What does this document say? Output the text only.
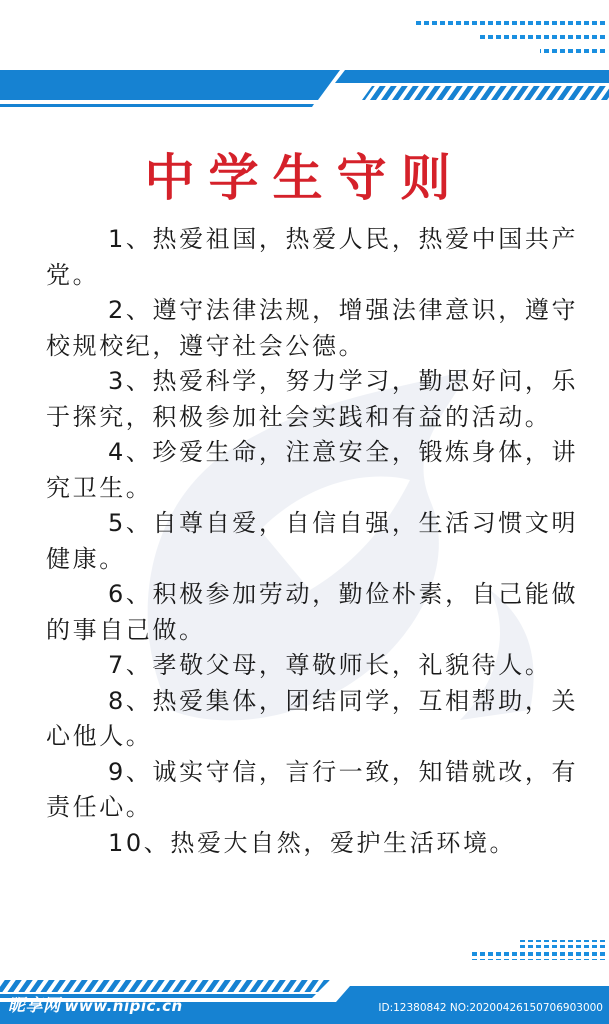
中学生守则
1、热爱祖国，热爱人民，热爱中国共产党。
2、遵守法律法规，增强法律意识，遵守校规校纪，遵守社会公德。
3、热爱科学，努力学习，勤思好问，乐于探究，积极参加社会实践和有益的活动。
4、珍爱生命，注意安全，锻炼身体，讲究卫生。
5、自尊自爱，自信自强，生活习惯文明健康。
6、积极参加劳动，勤俭朴素，自己能做的事自己做。
7、孝敬父母，尊敬师长，礼貌待人。
8、热爱集体，团结同学，互相帮助，关心他人。
9、诚实守信，言行一致，知错就改，有责任心。
10、热爱大自然，爱护生活环境。
昵享网 www.nipic.cn	ID:12380842 NO:20200426150706903000
